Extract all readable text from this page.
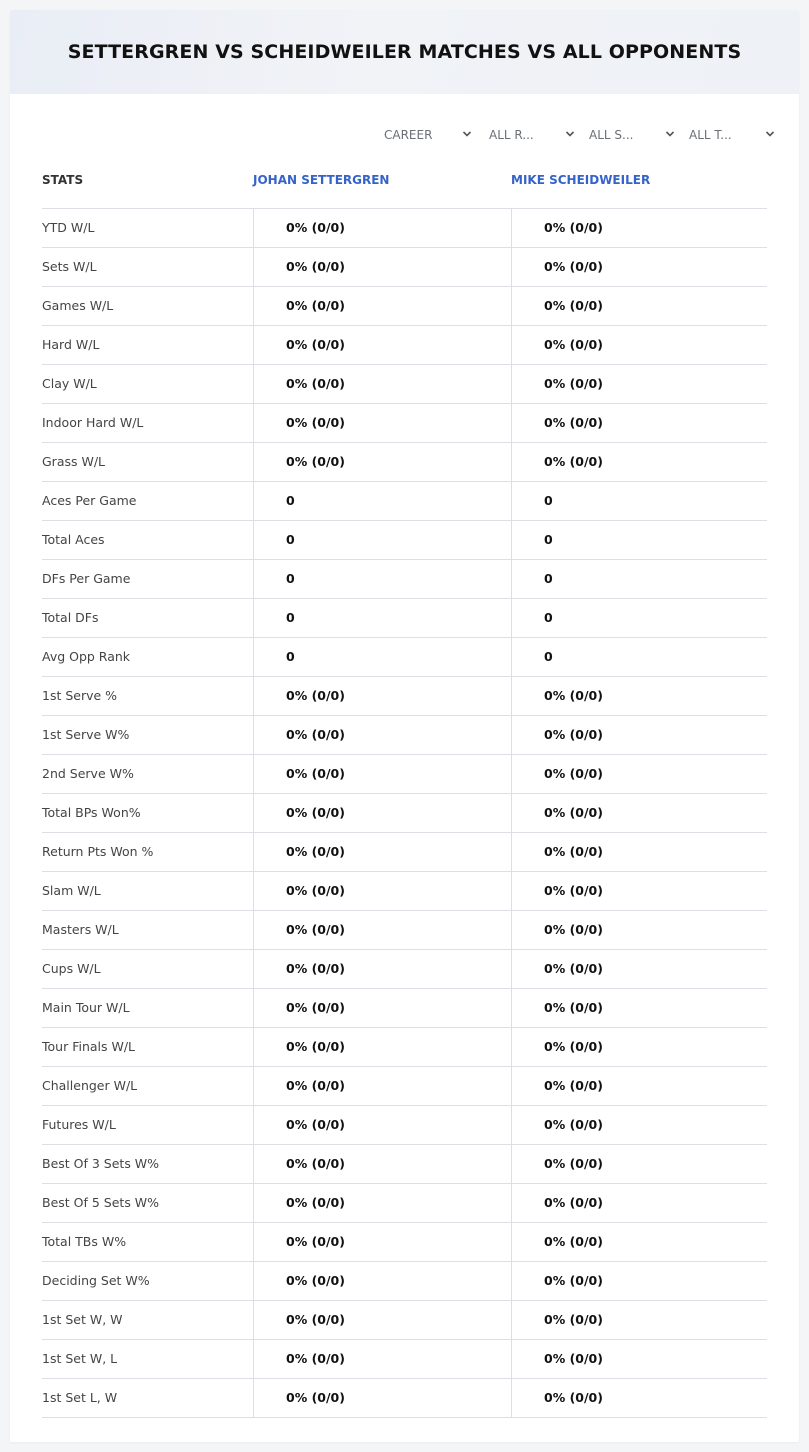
SETTERGREN VS SCHEIDWEILER MATCHES VS ALL OPPONENTS
CAREER	ALL R...	ALL S...	ALL T...
STATS	JOHAN SETTERGREN	MIKE SCHEIDWEILER
YTD W/L	0% (0/0)	0% (0/0)
Sets W/L	0% (0/0)	0% (0/0)
Games W/L	0% (0/0)	0% (0/0)
Hard W/L	0% (0/0)	0% (0/0)
Clay W/L	0% (0/0)	0% (0/0)
Indoor Hard W/L	0% (0/0)	0% (0/0)
Grass W/L	0% (0/0)	0% (0/0)
Aces Per Game	0	0
Total Aces	0	0
DFs Per Game	0	0
Total DFs	0	0
Avg Opp Rank	0	0
1st Serve %	0% (0/0)	0% (0/0)
1st Serve W%	0% (0/0)	0% (0/0)
2nd Serve W%	0% (0/0)	0% (0/0)
Total BPs Won%	0% (0/0)	0% (0/0)
Return Pts Won %	0% (0/0)	0% (0/0)
Slam W/L	0% (0/0)	0% (0/0)
Masters W/L	0% (0/0)	0% (0/0)
Cups W/L	0% (0/0)	0% (0/0)
Main Tour W/L	0% (0/0)	0% (0/0)
Tour Finals W/L	0% (0/0)	0% (0/0)
Challenger W/L	0% (0/0)	0% (0/0)
Futures W/L	0% (0/0)	0% (0/0)
Best Of 3 Sets W%	0% (0/0)	0% (0/0)
Best Of 5 Sets W%	0% (0/0)	0% (0/0)
Total TBs W%	0% (0/0)	0% (0/0)
Deciding Set W%	0% (0/0)	0% (0/0)
1st Set W, W	0% (0/0)	0% (0/0)
1st Set W, L	0% (0/0)	0% (0/0)
1st Set L, W	0% (0/0)	0% (0/0)
